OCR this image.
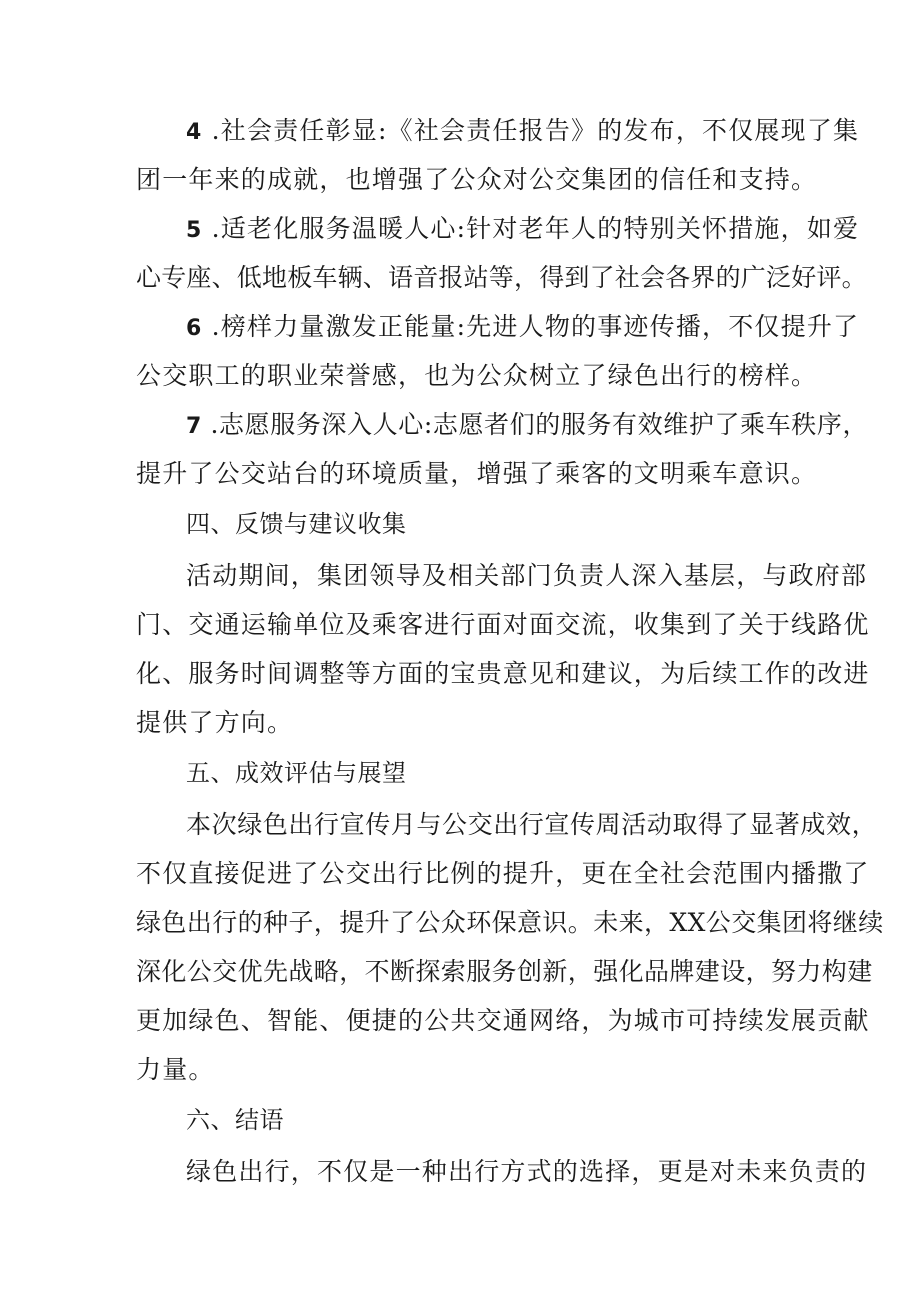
4 .社会责任彰显:《社会责任报告》的发布，不仅展现了集
团一年来的成就，也增强了公众对公交集团的信任和支持。
5 .适老化服务温暖人心:针对老年人的特别关怀措施，如爱
心专座、低地板车辆、语音报站等，得到了社会各界的广泛好评。
6 .榜样力量激发正能量:先进人物的事迹传播，不仅提升了
公交职工的职业荣誉感，也为公众树立了绿色出行的榜样。
7 .志愿服务深入人心:志愿者们的服务有效维护了乘车秩序，
提升了公交站台的环境质量，增强了乘客的文明乘车意识。
四、反馈与建议收集
活动期间，集团领导及相关部门负责人深入基层，与政府部
门、交通运输单位及乘客进行面对面交流，收集到了关于线路优
化、服务时间调整等方面的宝贵意见和建议，为后续工作的改进
提供了方向。
五、成效评估与展望
本次绿色出行宣传月与公交出行宣传周活动取得了显著成效，
不仅直接促进了公交出行比例的提升，更在全社会范围内播撒了
绿色出行的种子，提升了公众环保意识。未来，XX公交集团将继续
深化公交优先战略，不断探索服务创新，强化品牌建设，努力构建
更加绿色、智能、便捷的公共交通网络，为城市可持续发展贡献
力量。
六、结语
绿色出行，不仅是一种出行方式的选择，更是对未来负责的
